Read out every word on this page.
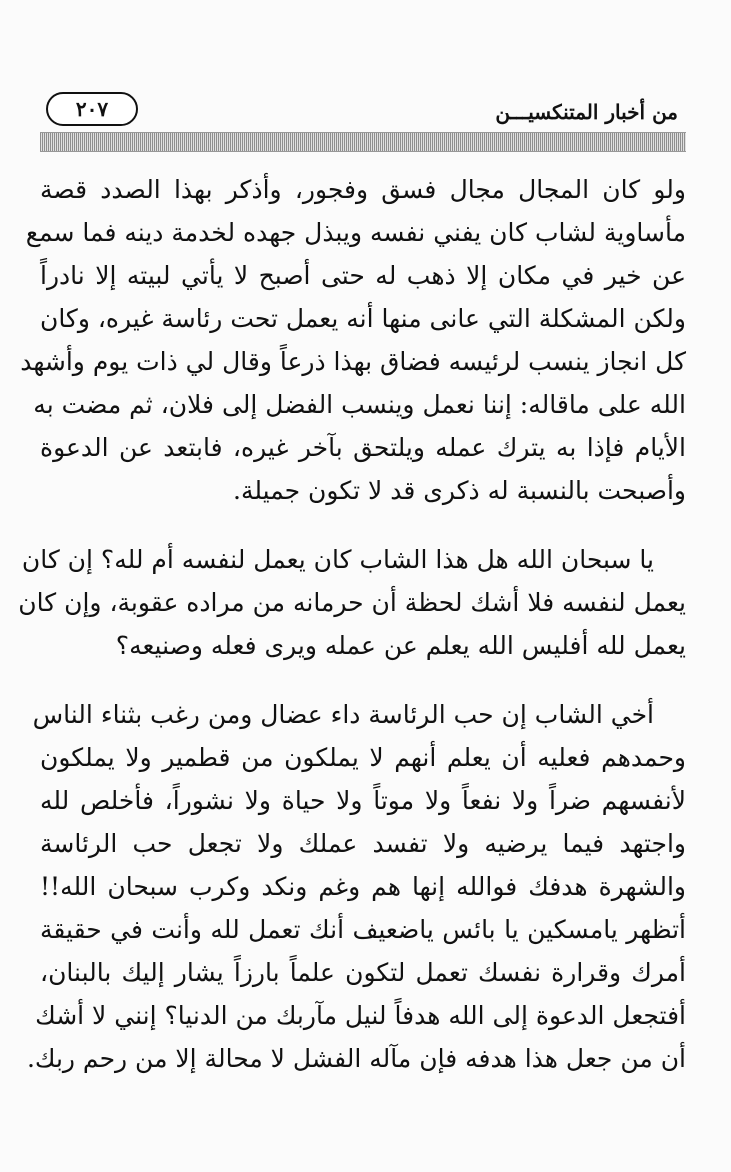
من أخبار المتنكسيـــن
٢٠٧
ولو كان المجال مجال فسق وفجور، وأذكر بهذا الصدد قصة
مأساوية لشاب كان يفني نفسه ويبذل جهده لخدمة دينه فما سمع
عن خير في مكان إلا ذهب له حتى أصبح لا يأتي لبيته إلا نادراً
ولكن المشكلة التي عانى منها أنه يعمل تحت رئاسة غيره، وكان
كل انجاز ينسب لرئيسه فضاق بهذا ذرعاً وقال لي ذات يوم وأشهد
الله على ماقاله: إننا نعمل وينسب الفضل إلى فلان، ثم مضت به
الأيام فإذا به يترك عمله ويلتحق بآخر غيره، فابتعد عن الدعوة
وأصبحت بالنسبة له ذكرى قد لا تكون جميلة.
يا سبحان الله هل هذا الشاب كان يعمل لنفسه أم لله؟ إن كان
يعمل لنفسه فلا أشك لحظة أن حرمانه من مراده عقوبة، وإن كان
يعمل لله أفليس الله يعلم عن عمله ويرى فعله وصنيعه؟
أخي الشاب إن حب الرئاسة داء عضال ومن رغب بثناء الناس
وحمدهم فعليه أن يعلم أنهم لا يملكون من قطمير ولا يملكون
لأنفسهم ضراً ولا نفعاً ولا موتاً ولا حياة ولا نشوراً، فأخلص لله
واجتهد فيما يرضيه ولا تفسد عملك ولا تجعل حب الرئاسة
والشهرة هدفك فوالله إنها هم وغم ونكد وكرب سبحان الله!!
أتظهر يامسكين يا بائس ياضعيف أنك تعمل لله وأنت في حقيقة
أمرك وقرارة نفسك تعمل لتكون علماً بارزاً يشار إليك بالبنان،
أفتجعل الدعوة إلى الله هدفاً لنيل مآربك من الدنيا؟ إنني لا أشك
أن من جعل هذا هدفه فإن مآله الفشل لا محالة إلا من رحم ربك.
